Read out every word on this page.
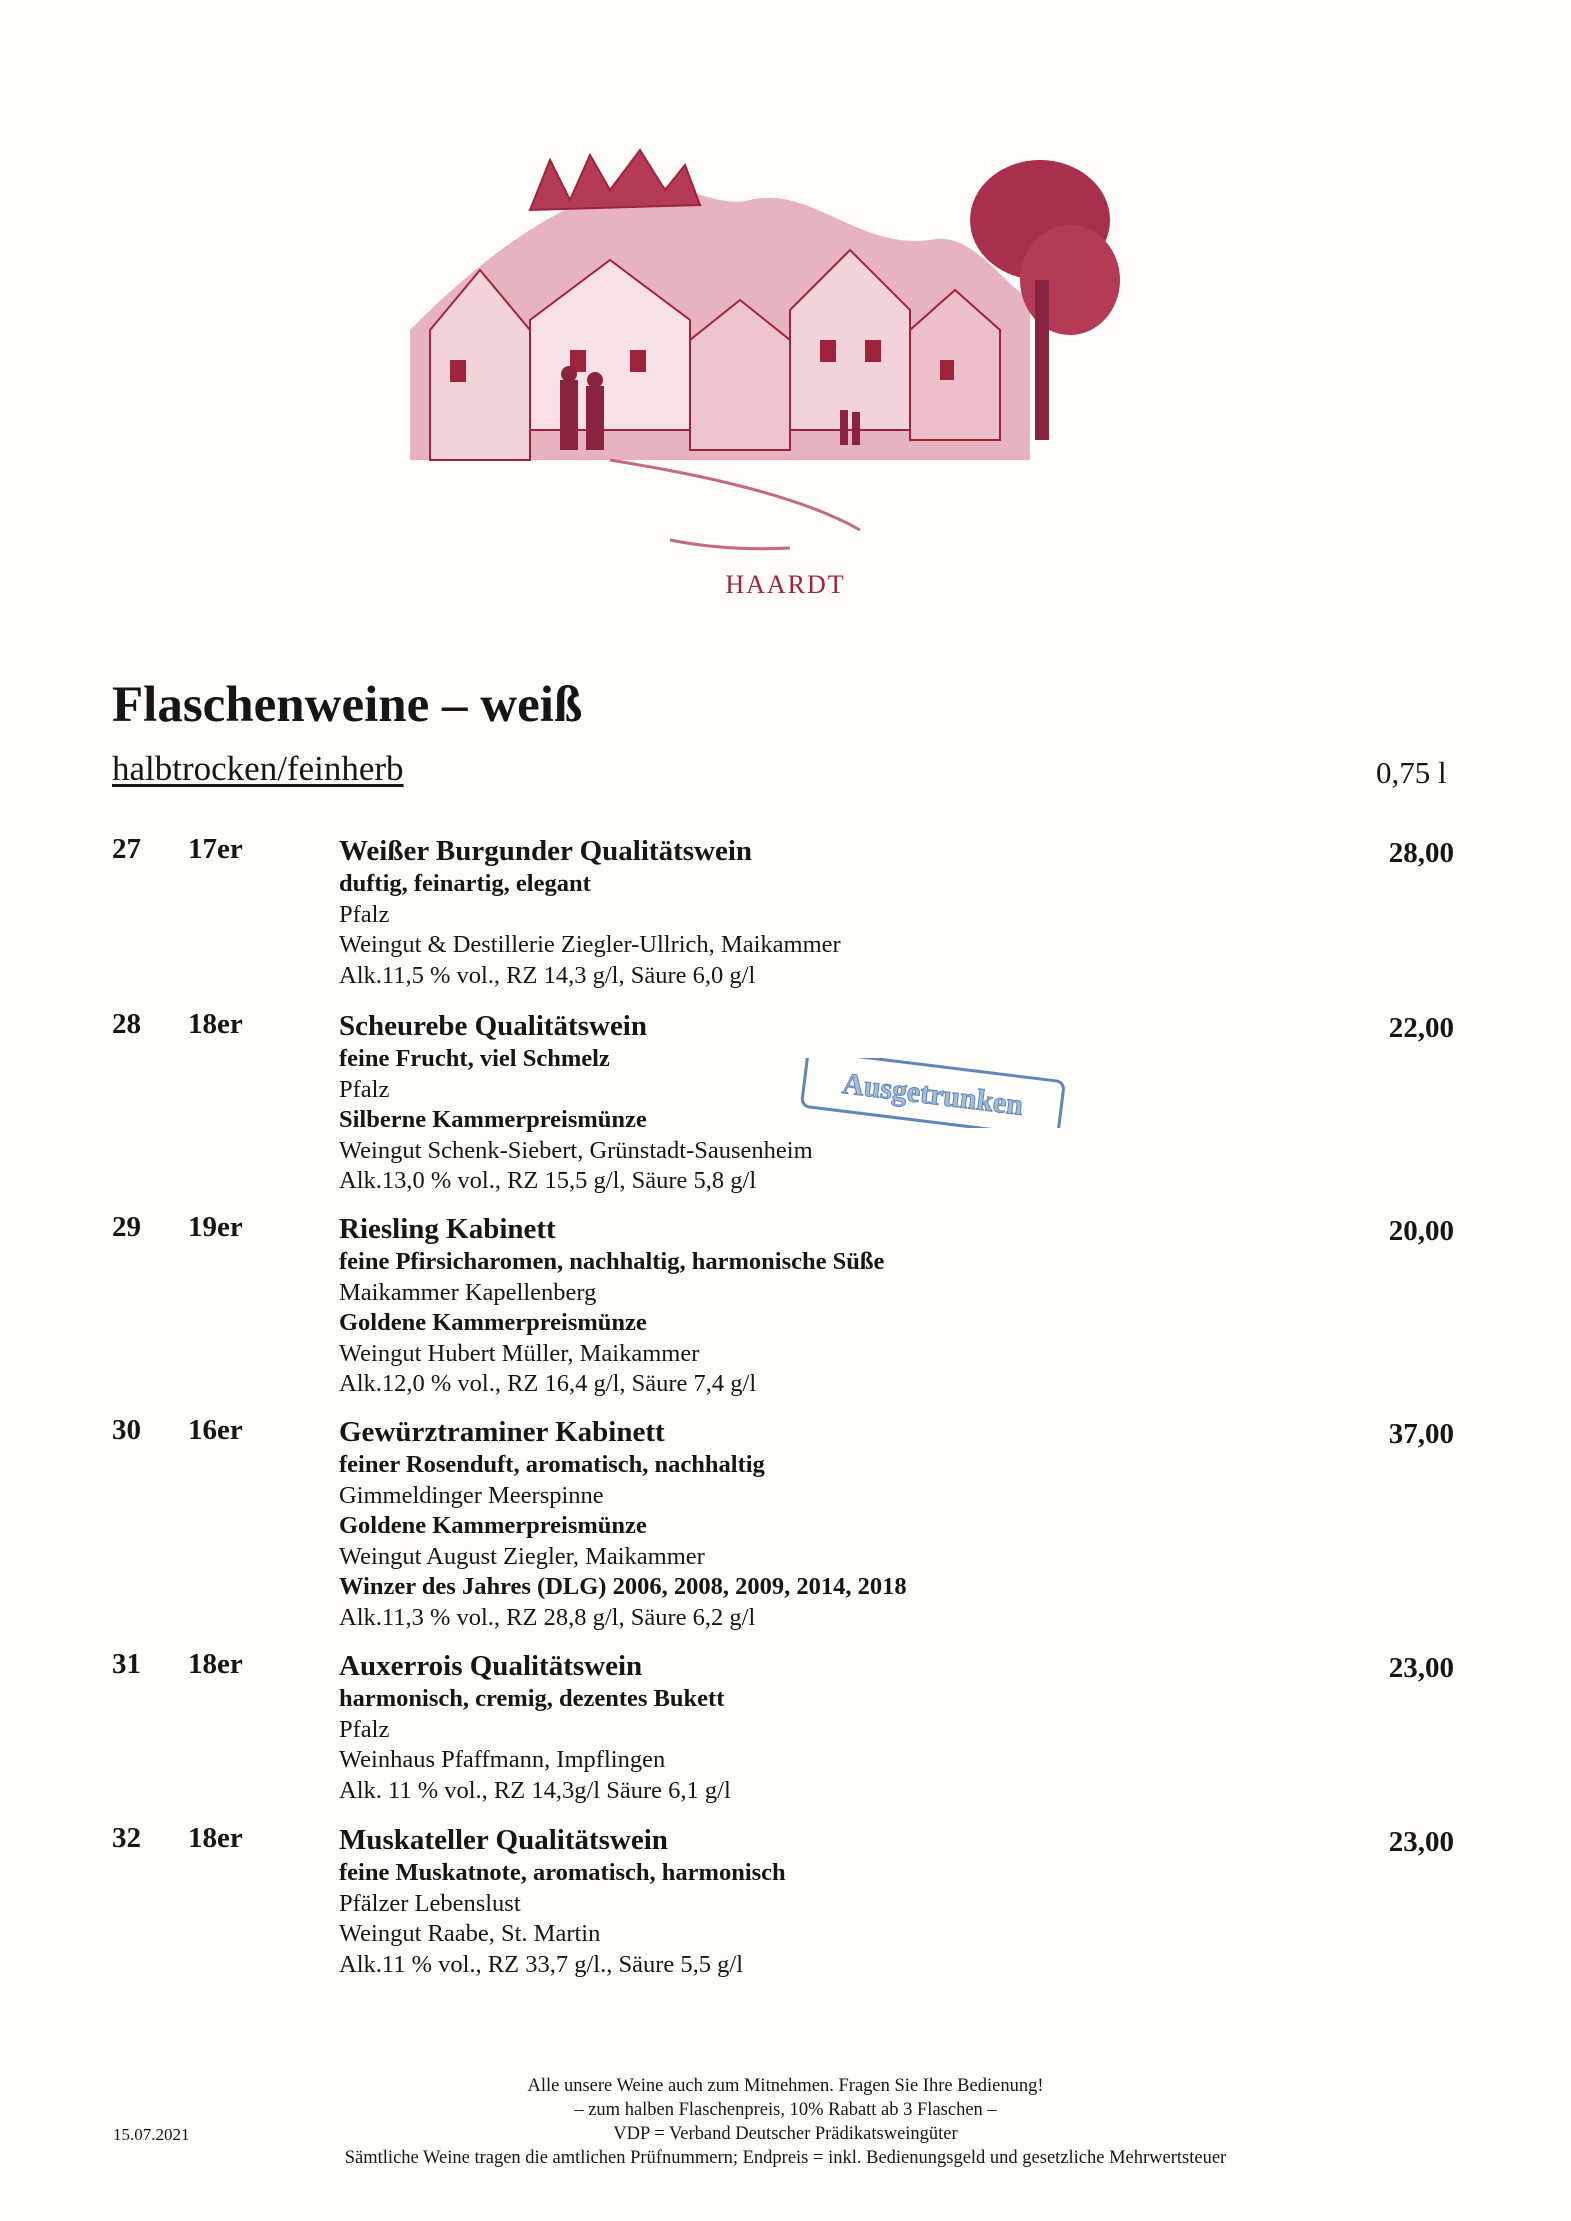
HAARDT
Flaschenweine – weiß
halbtrocken/feinherb	0,75 l
27 17er	28,00
Weißer Burgunder Qualitätswein
duftig, feinartig, elegant
Pfalz
Weingut & Destillerie Ziegler-Ullrich, Maikammer
Alk.11,5 % vol., RZ 14,3 g/l, Säure 6,0 g/l
28 18er	22,00
Scheurebe Qualitätswein
feine Frucht, viel Schmelz
Pfalz
Silberne Kammerpreismünze
Weingut Schenk-Siebert, Grünstadt-Sausenheim
Alk.13,0 % vol., RZ 15,5 g/l, Säure 5,8 g/l
29 19er	20,00
Riesling Kabinett
feine Pfirsicharomen, nachhaltig, harmonische Süße
Maikammer Kapellenberg
Goldene Kammerpreismünze
Weingut Hubert Müller, Maikammer
Alk.12,0 % vol., RZ 16,4 g/l, Säure 7,4 g/l
30 16er	37,00
Gewürztraminer Kabinett
feiner Rosenduft, aromatisch, nachhaltig
Gimmeldinger Meerspinne
Goldene Kammerpreismünze
Weingut August Ziegler, Maikammer
Winzer des Jahres (DLG) 2006, 2008, 2009, 2014, 2018
Alk.11,3 % vol., RZ 28,8 g/l, Säure 6,2 g/l
31 18er	23,00
Auxerrois Qualitätswein
harmonisch, cremig, dezentes Bukett
Pfalz
Weinhaus Pfaffmann, Impflingen
Alk. 11 % vol., RZ 14,3g/l Säure 6,1 g/l
32 18er	23,00
Muskateller Qualitätswein
feine Muskatnote, aromatisch, harmonisch
Pfälzer Lebenslust
Weingut Raabe, St. Martin
Alk.11 % vol., RZ 33,7 g/l., Säure 5,5 g/l
Ausgetrunken
Alle unsere Weine auch zum Mitnehmen. Fragen Sie Ihre Bedienung!
– zum halben Flaschenpreis, 10% Rabatt ab 3 Flaschen –
VDP = Verband Deutscher Prädikatsweingüter
Sämtliche Weine tragen die amtlichen Prüfnummern; Endpreis = inkl. Bedienungsgeld und gesetzliche Mehrwertsteuer
15.07.2021
